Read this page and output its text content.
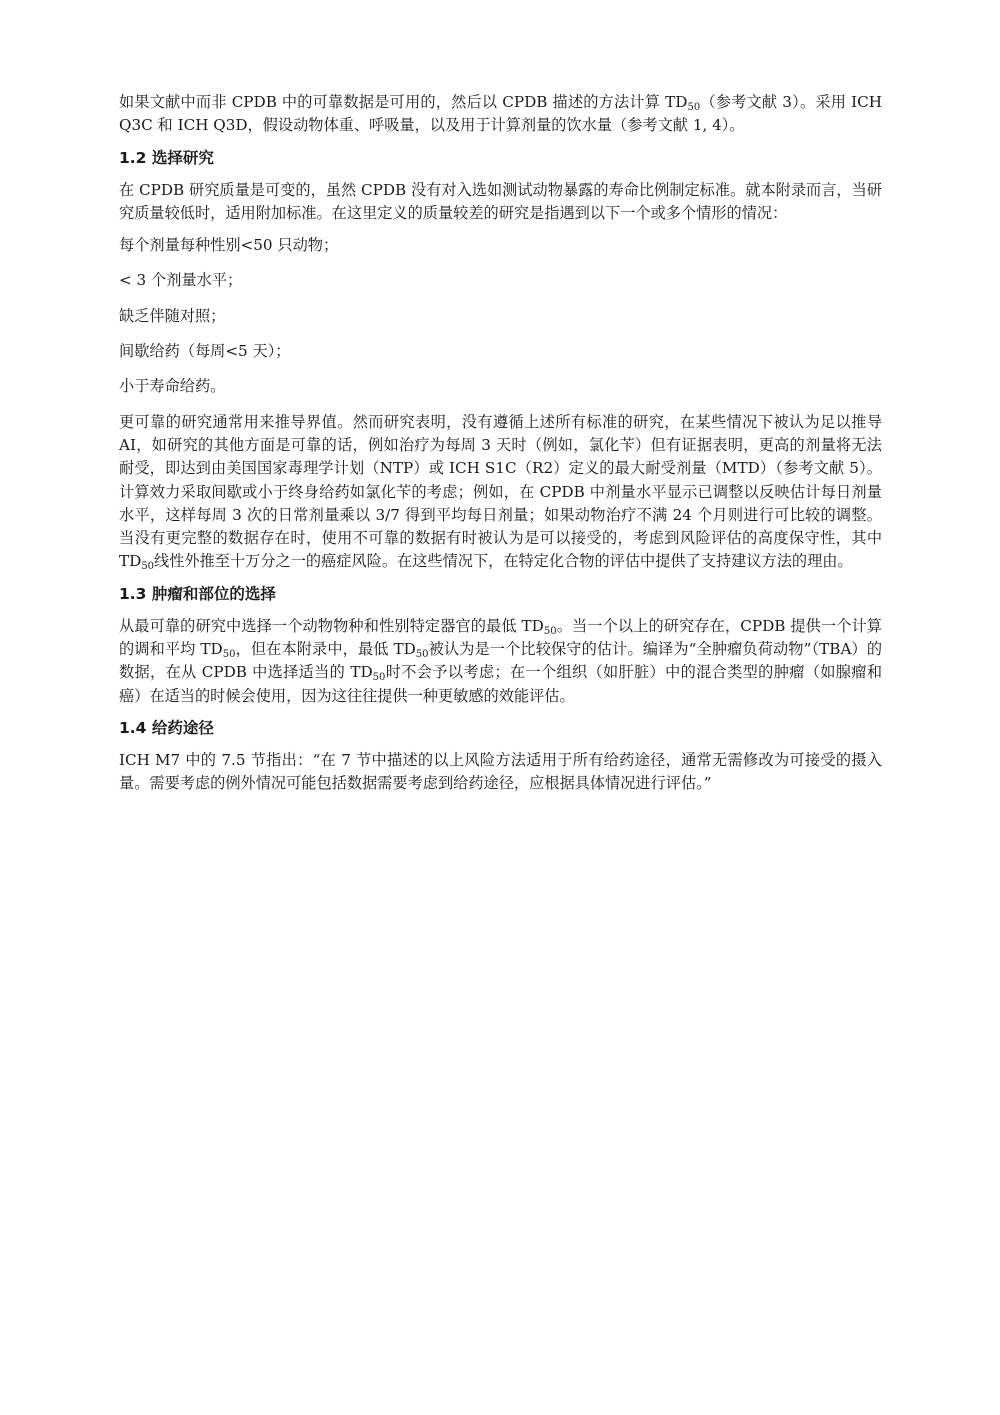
如果文献中而非 CPDB 中的可靠数据是可用的，然后以 CPDB 描述的方法计算 $TD_{50}$（参考文献 3）。采用 ICH Q3C 和 ICH Q3D，假设动物体重、呼吸量，以及用于计算剂量的饮水量（参考文献 1, 4）。

1.2 选择研究

在 CPDB 研究质量是可变的，虽然 CPDB 没有对入选如测试动物暴露的寿命比例制定标准。就本附录而言，当研究质量较低时，适用附加标准。在这里定义的质量较差的研究是指遇到以下一个或多个情形的情况：

每个剂量每种性别<50 只动物；
< 3 个剂量水平；
缺乏伴随对照；
间歇给药（每周<5 天）；
小于寿命给药。

更可靠的研究通常用来推导界值。然而研究表明，没有遵循上述所有标准的研究，在某些情况下被认为足以推导 AI，如研究的其他方面是可靠的话，例如治疗为每周 3 天时（例如，氯化苄）但有证据表明，更高的剂量将无法耐受，即达到由美国国家毒理学计划（NTP）或 ICH S1C（R2）定义的最大耐受剂量（MTD）（参考文献 5）。计算效力采取间歇或小于终身给药如氯化苄的考虑；例如，在 CPDB 中剂量水平显示已调整以反映估计每日剂量水平，这样每周 3 次的日常剂量乘以 3/7 得到平均每日剂量；如果动物治疗不满 24 个月则进行可比较的调整。当没有更完整的数据存在时，使用不可靠的数据有时被认为是可以接受的，考虑到风险评估的高度保守性，其中 $TD_{50}$线性外推至十万分之一的癌症风险。在这些情况下，在特定化合物的评估中提供了支持建议方法的理由。

1.3 肿瘤和部位的选择

从最可靠的研究中选择一个动物物种和性别特定器官的最低 $TD_{50}$。当一个以上的研究存在，CPDB 提供一个计算的调和平均 $TD_{50}$，但在本附录中，最低 $TD_{50}$被认为是一个比较保守的估计。编译为“全肿瘤负荷动物”（TBA）的数据，在从 CPDB 中选择适当的 $TD_{50}$时不会予以考虑；在一个组织（如肝脏）中的混合类型的肿瘤（如腺瘤和癌）在适当的时候会使用，因为这往往提供一种更敏感的效能评估。

1.4 给药途径

ICH M7 中的 7.5 节指出：“在 7 节中描述的以上风险方法适用于所有给药途径，通常无需修改为可接受的摄入量。需要考虑的例外情况可能包括数据需要考虑到给药途径，应根据具体情况进行评估。”
